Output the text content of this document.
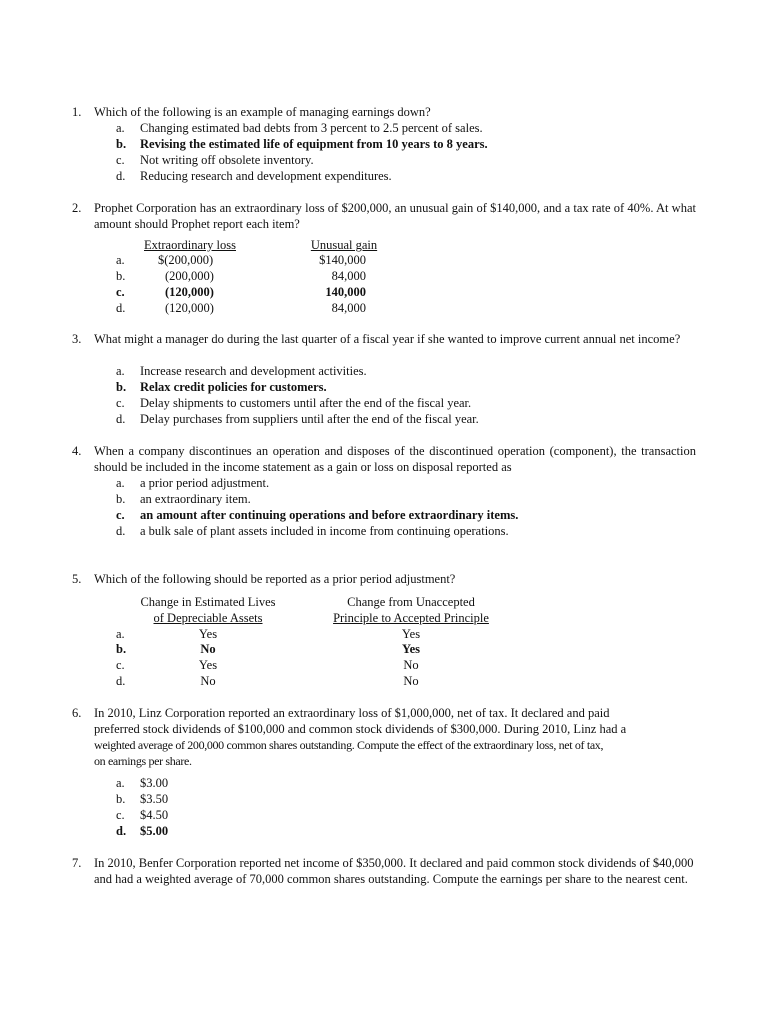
1.	Which of the following is an example of managing earnings down?
a.	Changing estimated bad debts from 3 percent to 2.5 percent of sales.
b.	Revising the estimated life of equipment from 10 years to 8 years.
c.	Not writing off obsolete inventory.
d.	Reducing research and development expenditures.
2.	Prophet Corporation has an extraordinary loss of $200,000, an unusual gain of $140,000, and a tax rate of 40%. At what amount should Prophet report each item?
Extraordinary loss	Unusual gain
a.	$(200,000)	$140,000
b.	(200,000)	84,000
c.	(120,000)	140,000
d.	(120,000)	84,000
3.	What might a manager do during the last quarter of a fiscal year if she wanted to improve current annual net income?
a.	Increase research and development activities.
b.	Relax credit policies for customers.
c.	Delay shipments to customers until after the end of the fiscal year.
d.	Delay purchases from suppliers until after the end of the fiscal year.
4.	When a company discontinues an operation and disposes of the discontinued operation (component), the transaction should be included in the income statement as a gain or loss on disposal reported as
a.	a prior period adjustment.
b.	an extraordinary item.
c.	an amount after continuing operations and before extraordinary items.
d.	a bulk sale of plant assets included in income from continuing operations.
5.	Which of the following should be reported as a prior period adjustment?
Change in Estimated Lives
of Depreciable Assets
Change from Unaccepted
Principle to Accepted Principle
a.	Yes	Yes
b.	No	Yes
c.	Yes	No
d.	No	No
6.	In 2010, Linz Corporation reported an extraordinary loss of $1,000,000, net of tax. It declared and paid
preferred stock dividends of $100,000 and common stock dividends of $300,000. During 2010, Linz had a
weighted average of 200,000 common shares outstanding. Compute the effect of the extraordinary loss, net of tax,
on earnings per share.
a.	$3.00
b.	$3.50
c.	$4.50
d.	$5.00
7.	In 2010, Benfer Corporation reported net income of $350,000. It declared and paid common stock dividends of $40,000 and had a weighted average of 70,000 common shares outstanding. Compute the earnings per share to the nearest cent.
